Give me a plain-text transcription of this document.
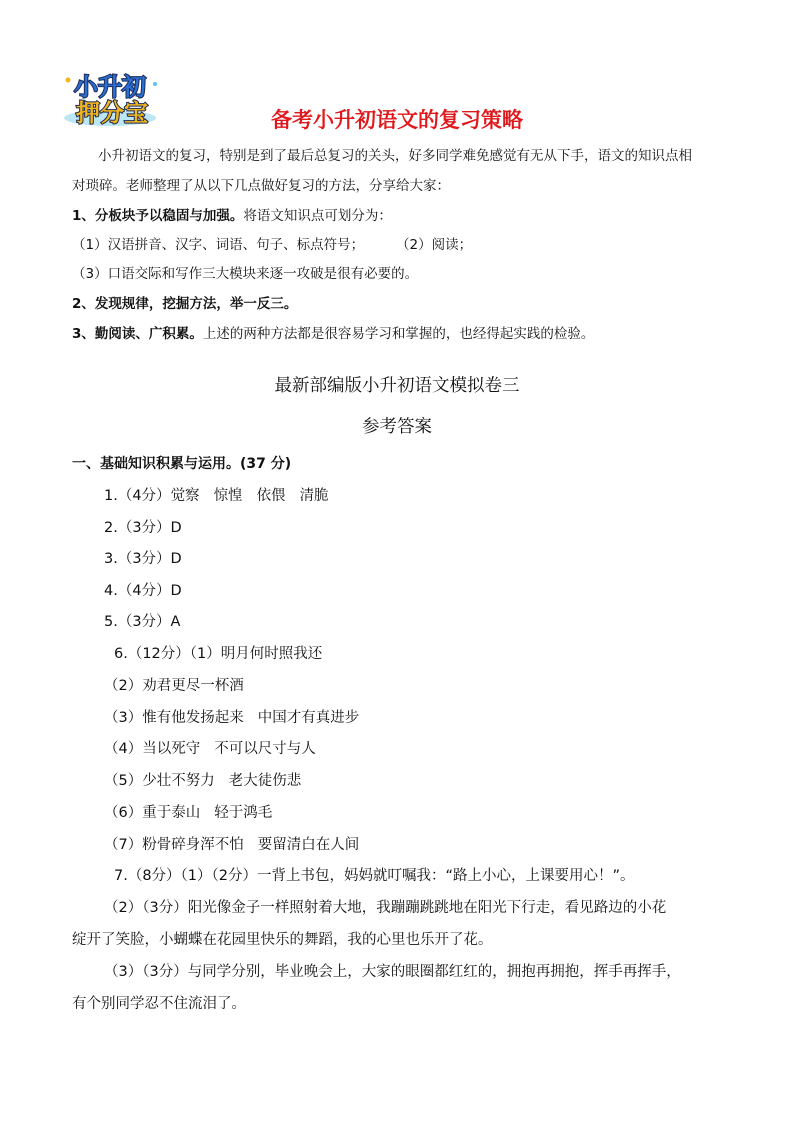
小升初
押分宝	备考小升初语文的复习策略
小升初语文的复习，特别是到了最后总复习的关头，好多同学难免感觉有无从下手，语文的知识点相
对琐碎。老师整理了从以下几点做好复习的方法，分享给大家：
1、分板块予以稳固与加强。将语文知识点可划分为：
（1）汉语拼音、汉字、词语、句子、标点符号； （2）阅读；
（3）口语交际和写作三大模块来逐一攻破是很有必要的。
2、发现规律，挖掘方法，举一反三。
3、勤阅读、广积累。上述的两种方法都是很容易学习和掌握的，也经得起实践的检验。
最新部编版小升初语文模拟卷三
参考答案
一、基础知识积累与运用。(37 分)
1.（4分）觉察 惊惶 依偎 清脆
2.（3分）D
3.（3分）D
4.（4分）D
5.（3分）A
6.（12分）（1）明月何时照我还
（2）劝君更尽一杯酒
（3）惟有他发扬起来 中国才有真进步
（4）当以死守 不可以尺寸与人
（5）少壮不努力 老大徒伤悲
（6）重于泰山 轻于鸿毛
（7）粉骨碎身浑不怕 要留清白在人间
7.（8分）（1）（2分）一背上书包，妈妈就叮嘱我：“路上小心，上课要用心！”。
（2）（3分）阳光像金子一样照射着大地，我蹦蹦跳跳地在阳光下行走，看见路边的小花
绽开了笑脸，小蝴蝶在花园里快乐的舞蹈，我的心里也乐开了花。
（3）（3分）与同学分别，毕业晚会上，大家的眼圈都红红的，拥抱再拥抱，挥手再挥手，
有个别同学忍不住流泪了。
